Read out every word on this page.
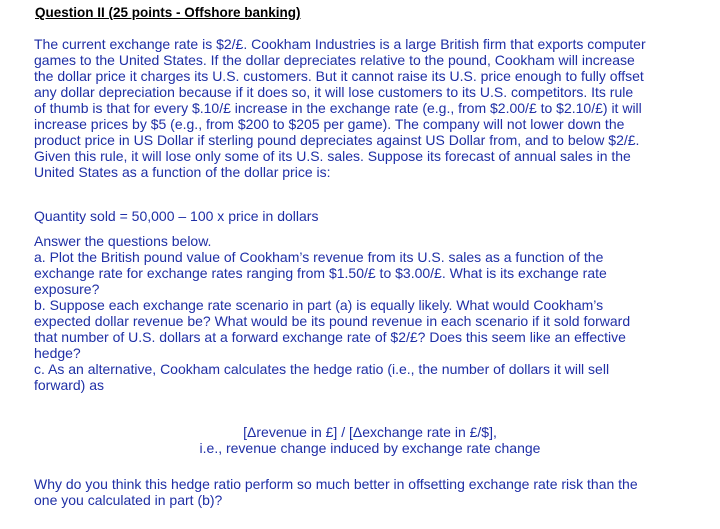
Question II (25 points - Offshore banking)
The current exchange rate is $2/£. Cookham Industries is a large British firm that exports computer
games to the United States. If the dollar depreciates relative to the pound, Cookham will increase
the dollar price it charges its U.S. customers. But it cannot raise its U.S. price enough to fully offset
any dollar depreciation because if it does so, it will lose customers to its U.S. competitors. Its rule
of thumb is that for every $.10/£ increase in the exchange rate (e.g., from $2.00/£ to $2.10/£) it will
increase prices by $5 (e.g., from $200 to $205 per game). The company will not lower down the
product price in US Dollar if sterling pound depreciates against US Dollar from, and to below $2/£.
Given this rule, it will lose only some of its U.S. sales. Suppose its forecast of annual sales in the
United States as a function of the dollar price is:
Quantity sold = 50,000 – 100 x price in dollars
Answer the questions below.
a. Plot the British pound value of Cookham’s revenue from its U.S. sales as a function of the
exchange rate for exchange rates ranging from $1.50/£ to $3.00/£. What is its exchange rate
exposure?
b. Suppose each exchange rate scenario in part (a) is equally likely. What would Cookham’s
expected dollar revenue be? What would be its pound revenue in each scenario if it sold forward
that number of U.S. dollars at a forward exchange rate of $2/£? Does this seem like an effective
hedge?
c. As an alternative, Cookham calculates the hedge ratio (i.e., the number of dollars it will sell
forward) as
[Δrevenue in £] / [Δexchange rate in £/$],
i.e., revenue change induced by exchange rate change
Why do you think this hedge ratio perform so much better in offsetting exchange rate risk than the
one you calculated in part (b)?
